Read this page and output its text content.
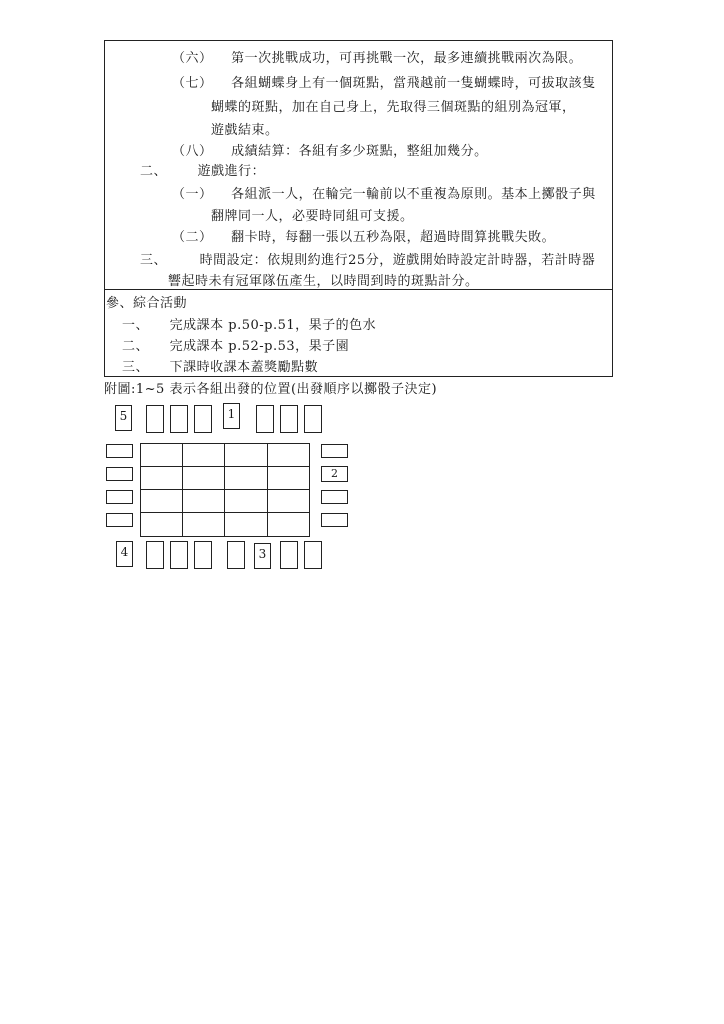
（六） 第一次挑戰成功，可再挑戰一次，最多連續挑戰兩次為限。
（七） 各組蝴蝶身上有一個斑點，當飛越前一隻蝴蝶時，可拔取該隻
蝴蝶的斑點，加在自己身上，先取得三個斑點的組別為冠軍，
遊戲結束。
（八） 成績結算：各組有多少斑點，整組加幾分。
二、 遊戲進行：
（一） 各組派一人，在輪完一輪前以不重複為原則。基本上擲骰子與
翻牌同一人，必要時同組可支援。
（二） 翻卡時，每翻一張以五秒為限，超過時間算挑戰失敗。
三、	時間設定：依規則約進行25分，遊戲開始時設定計時器，若計時器
響起時未有冠軍隊伍產生，以時間到時的斑點計分。
參、綜合活動
一、 完成課本 p.50-p.51，果子的色水
二、 完成課本 p.52-p.53，果子園
三、 下課時收課本蓋獎勵點數
附圖:1~5 表示各組出發的位置(出發順序以擲骰子決定)
5	1
2
4	3
